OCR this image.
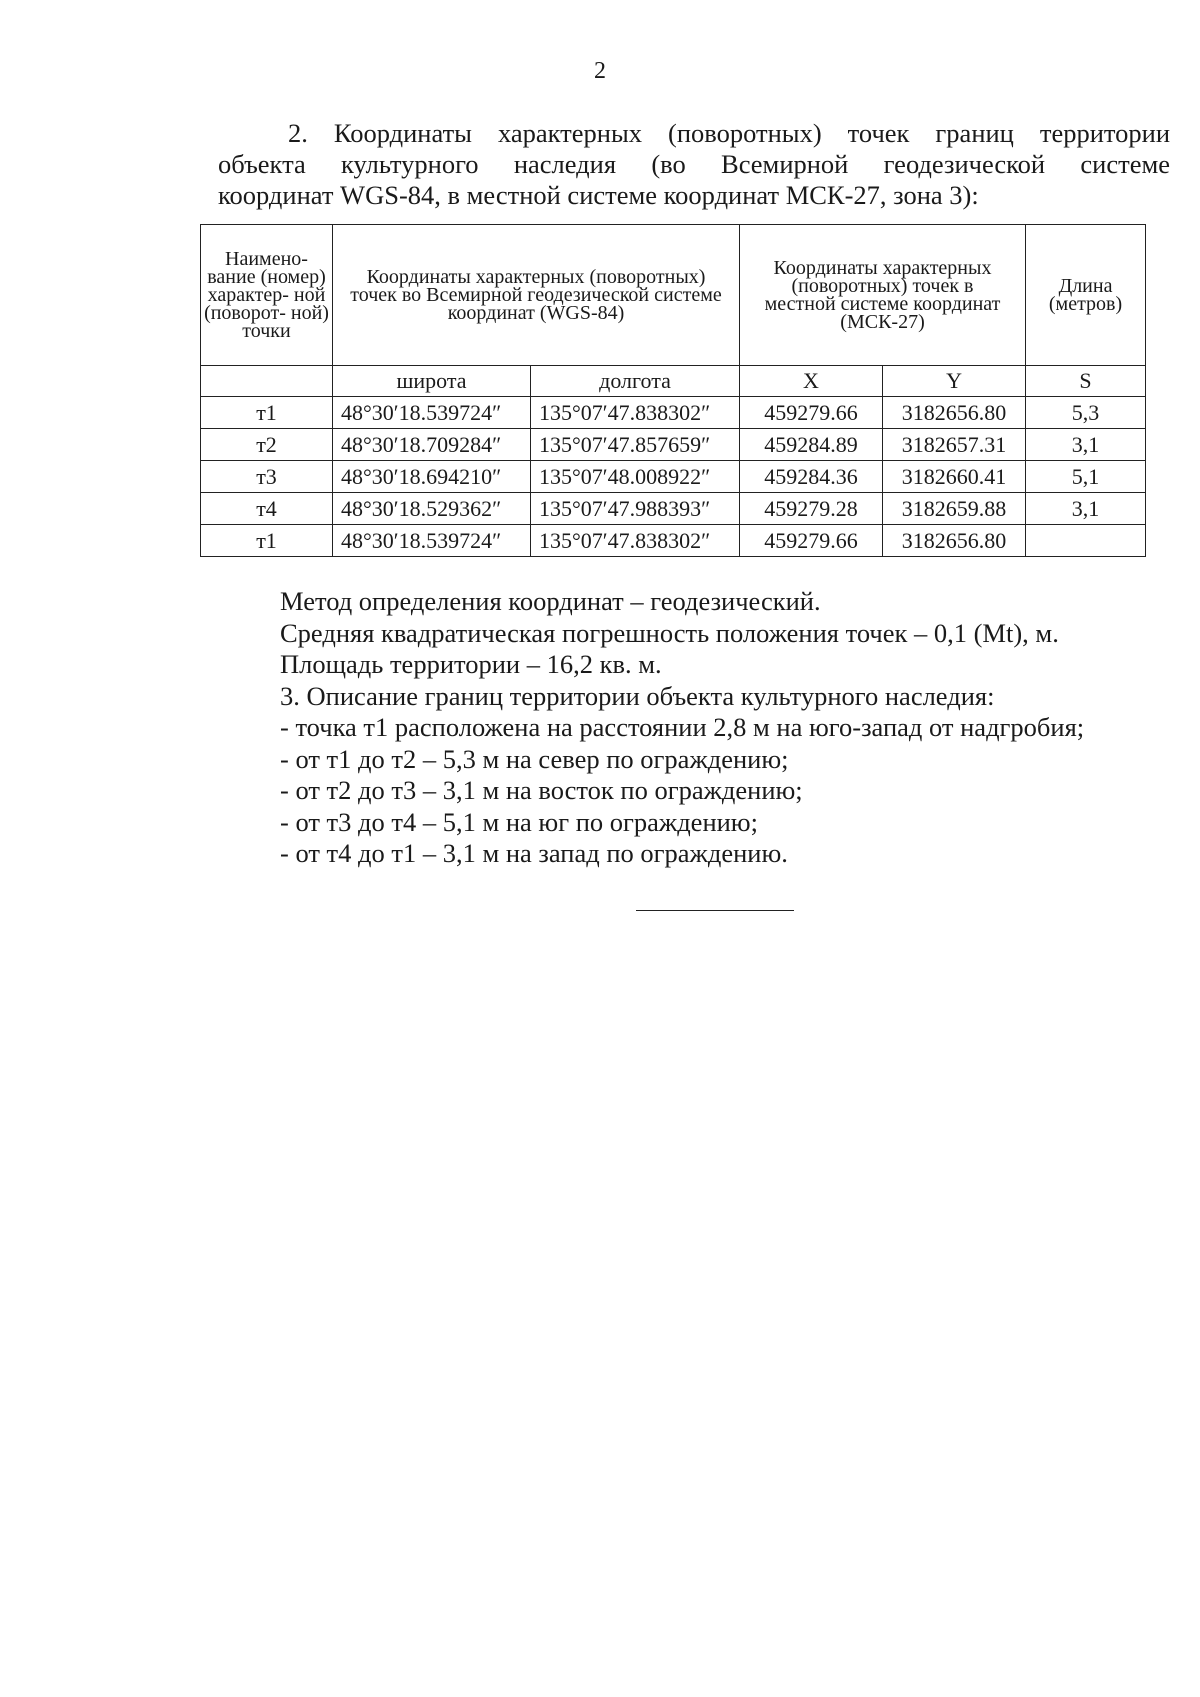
2
2. Координаты характерных (поворотных) точек границ территории
объекта культурного наследия (во Всемирной геодезической системе
координат WGS-84, в местной системе координат МСК-27, зона 3):
Наимено- вание (номер) характер- ной (поворот- ной) точки	Координаты характерных (поворотных) точек во Всемирной геодезической системе координат (WGS-84)		Координаты характерных (поворотных) точек в местной системе координат (МСК-27)		Длина (метров)

	широта	долгота	X	Y	S
т1	48°30′18.539724″	135°07′47.838302″	459279.66	3182656.80	5,3
т2	48°30′18.709284″	135°07′47.857659″	459284.89	3182657.31	3,1
т3	48°30′18.694210″	135°07′48.008922″	459284.36	3182660.41	5,1
т4	48°30′18.529362″	135°07′47.988393″	459279.28	3182659.88	3,1
т1	48°30′18.539724″	135°07′47.838302″	459279.66	3182656.80	
Метод определения координат – геодезический.
Средняя квадратическая погрешность положения точек – 0,1 (Mt), м.
Площадь территории – 16,2 кв. м.
3. Описание границ территории объекта культурного наследия:
- точка т1 расположена на расстоянии 2,8 м на юго-запад от надгробия;
- от т1 до т2 – 5,3 м на север по ограждению;
- от т2 до т3 – 3,1 м на восток по ограждению;
- от т3 до т4 – 5,1 м на юг по ограждению;
- от т4 до т1 – 3,1 м на запад по ограждению.
